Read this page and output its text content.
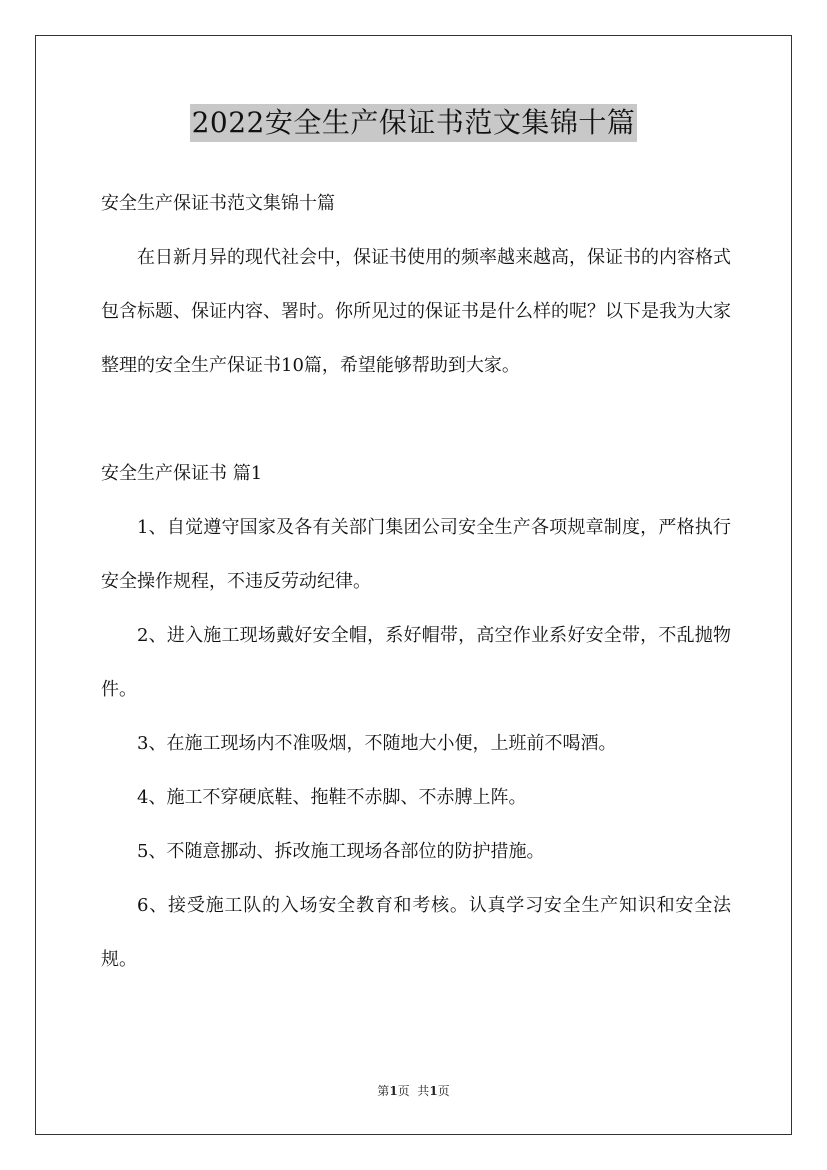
2022安全生产保证书范文集锦十篇

安全生产保证书范文集锦十篇

在日新月异的现代社会中，保证书使用的频率越来越高，保证书的内容格式包含标题、保证内容、署时。你所见过的保证书是什么样的呢？以下是我为大家整理的安全生产保证书10篇，希望能够帮助到大家。

安全生产保证书 篇1

1、自觉遵守国家及各有关部门集团公司安全生产各项规章制度，严格执行安全操作规程，不违反劳动纪律。

2、进入施工现场戴好安全帽，系好帽带，高空作业系好安全带，不乱抛物件。

3、在施工现场内不准吸烟，不随地大小便，上班前不喝酒。

4、施工不穿硬底鞋、拖鞋不赤脚、不赤膊上阵。

5、不随意挪动、拆改施工现场各部位的防护措施。

6、接受施工队的入场安全教育和考核。认真学习安全生产知识和安全法规。

第1页  共1页
